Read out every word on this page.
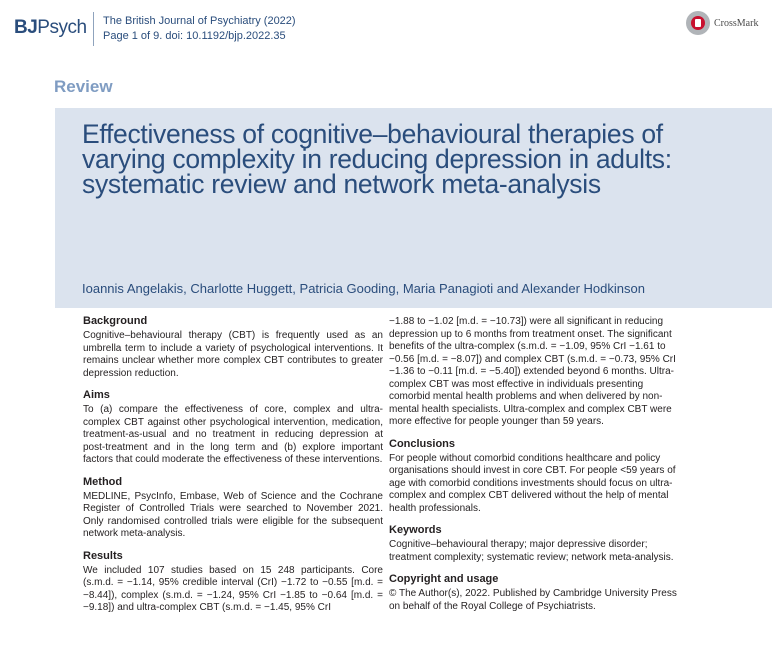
BJPsych The British Journal of Psychiatry (2022)
Page 1 of 9. doi: 10.1192/bjp.2022.35
CrossMark
Review
Effectiveness of cognitive–behavioural therapies of varying complexity in reducing depression in adults: systematic review and network meta-analysis
Ioannis Angelakis, Charlotte Huggett, Patricia Gooding, Maria Panagioti and Alexander Hodkinson

Background

Cognitive–behavioural therapy (CBT) is frequently used as an umbrella term to include a variety of psychological interventions. It remains unclear whether more complex CBT contributes to greater depression reduction.

Aims

To (a) compare the effectiveness of core, complex and ultra-complex CBT against other psychological intervention, medication, treatment-as-usual and no treatment in reducing depression at post-treatment and in the long term and (b) explore important factors that could moderate the effectiveness of these interventions.

Method

MEDLINE, PsycInfo, Embase, Web of Science and the Cochrane Register of Controlled Trials were searched to November 2021. Only randomised controlled trials were eligible for the subsequent network meta-analysis.

Results

We included 107 studies based on 15 248 participants. Core (s.m.d. = −1.14, 95% credible interval (CrI) −1.72 to −0.55 [m.d. = −8.44]), complex (s.m.d. = −1.24, 95% CrI −1.85 to −0.64 [m.d. = −9.18]) and ultra-complex CBT (s.m.d. = −1.45, 95% CrI

−1.88 to −1.02 [m.d. = −10.73]) were all significant in reducing depression up to 6 months from treatment onset. The significant benefits of the ultra-complex (s.m.d. = −1.09, 95% CrI −1.61 to −0.56 [m.d. = −8.07]) and complex CBT (s.m.d. = −0.73, 95% CrI −1.36 to −0.11 [m.d. = −5.40]) extended beyond 6 months. Ultra-complex CBT was most effective in individuals presenting comorbid mental health problems and when delivered by non-mental health specialists. Ultra-complex and complex CBT were more effective for people younger than 59 years.

Conclusions

For people without comorbid conditions healthcare and policy organisations should invest in core CBT. For people <59 years of age with comorbid conditions investments should focus on ultra-complex and complex CBT delivered without the help of mental health professionals.

Keywords

Cognitive–behavioural therapy; major depressive disorder; treatment complexity; systematic review; network meta-analysis.

Copyright and usage

© The Author(s), 2022. Published by Cambridge University Press on behalf of the Royal College of Psychiatrists.
